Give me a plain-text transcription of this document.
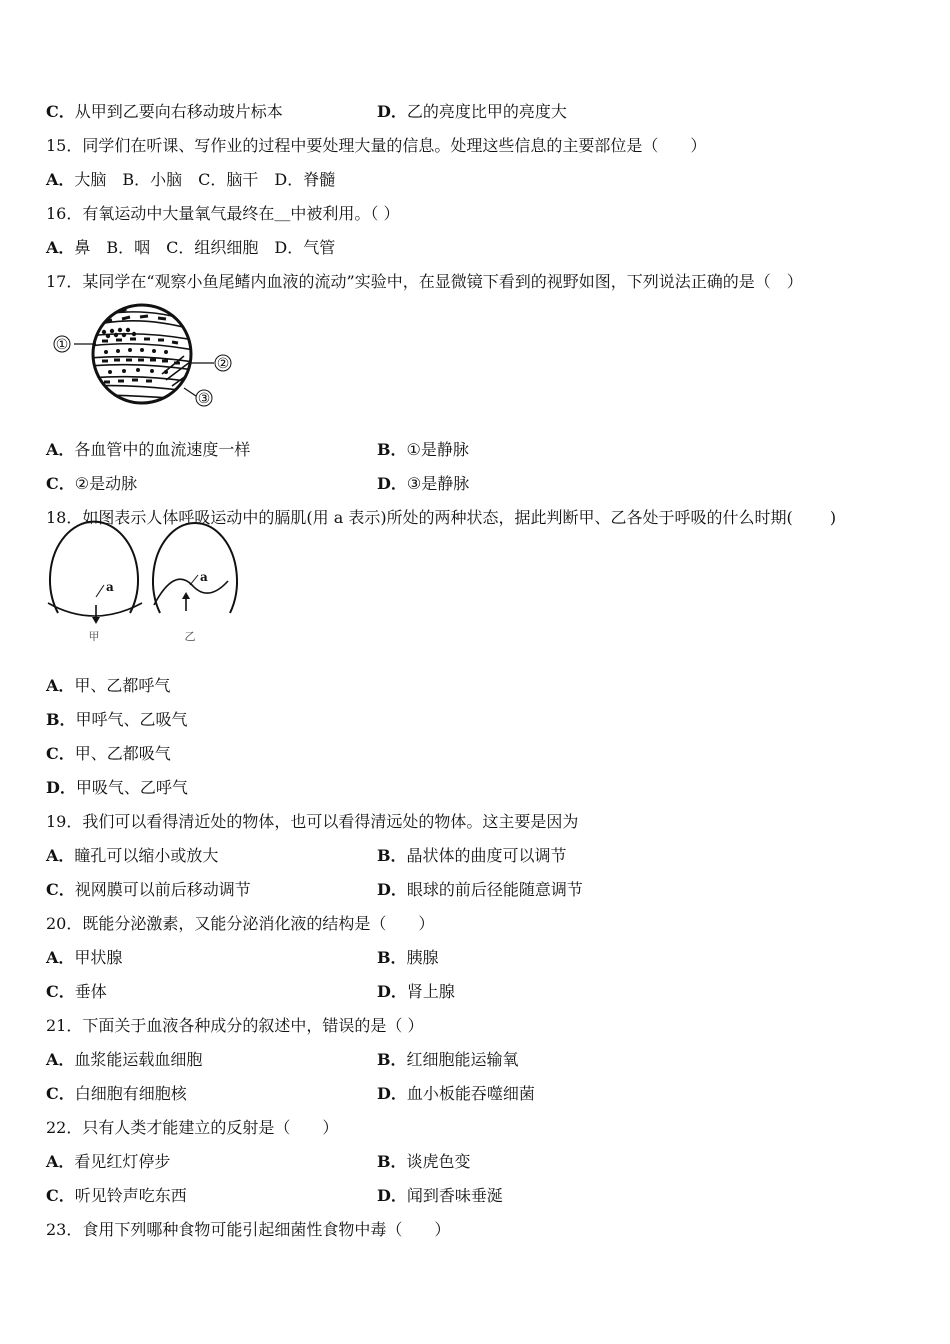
C．从甲到乙要向右移动玻片标本	D．乙的亮度比甲的亮度大
15．同学们在听课、写作业的过程中要处理大量的信息。处理这些信息的主要部位是（　　）
A．大脑　B．小脑　C．脑干　D．脊髓
16．有氧运动中大量氧气最终在＿中被利用。（ ）
A．鼻　B．咽　C．组织细胞　D．气管
17．某同学在“观察小鱼尾鳍内血液的流动”实验中，在显微镜下看到的视野如图，下列说法正确的是（　）
①
②
③
A．各血管中的血流速度一样	B．①是静脉
C．②是动脉	D．③是静脉
18．如图表示人体呼吸运动中的膈肌(用 a 表示)所处的两种状态，据此判断甲、乙各处于呼吸的什么时期(　　 )
a
a
甲	乙
A．甲、乙都呼气
B．甲呼气、乙吸气
C．甲、乙都吸气
D．甲吸气、乙呼气
19．我们可以看得清近处的物体，也可以看得清远处的物体。这主要是因为
A．瞳孔可以缩小或放大	B．晶状体的曲度可以调节
C．视网膜可以前后移动调节	D．眼球的前后径能随意调节
20．既能分泌激素，又能分泌消化液的结构是（　　）
A．甲状腺	B．胰腺
C．垂体	D．肾上腺
21．下面关于血液各种成分的叙述中，错误的是（ ）
A．血浆能运载血细胞	B．红细胞能运输氧
C．白细胞有细胞核	D．血小板能吞噬细菌
22．只有人类才能建立的反射是（　　）
A．看见红灯停步	B．谈虎色变
C．听见铃声吃东西	D．闻到香味垂涎
23．食用下列哪种食物可能引起细菌性食物中毒（　　）
